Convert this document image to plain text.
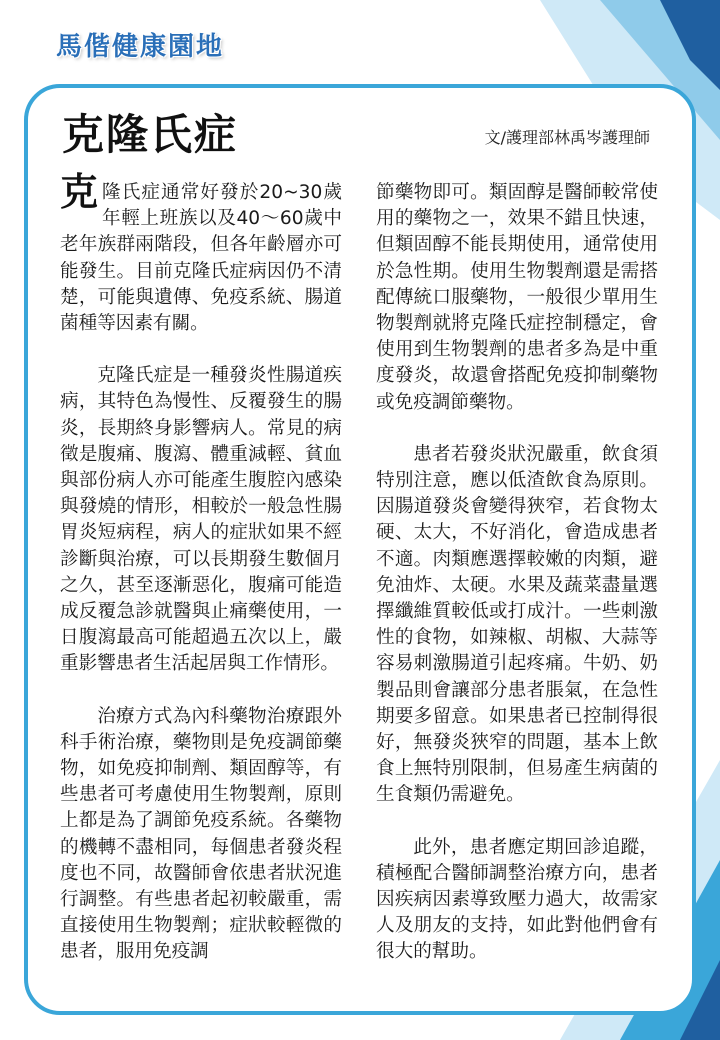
馬偕健康園地
克隆氏症	文/護理部林禹岑護理師

克隆氏症通常好發於20~30歲年輕上班族以及40～60歲中老年族群兩階段，但各年齡層亦可能發生。目前克隆氏症病因仍不清楚，可能與遺傳、免疫系統、腸道菌種等因素有關。

克隆氏症是一種發炎性腸道疾病，其特色為慢性、反覆發生的腸炎，長期終身影響病人。常見的病徵是腹痛、腹瀉、體重減輕、貧血與部份病人亦可能產生腹腔內感染與發燒的情形，相較於一般急性腸胃炎短病程，病人的症狀如果不經診斷與治療，可以長期發生數個月之久，甚至逐漸惡化，腹痛可能造成反覆急診就醫與止痛藥使用，一日腹瀉最高可能超過五次以上，嚴重影響患者生活起居與工作情形。

治療方式為內科藥物治療跟外科手術治療，藥物則是免疫調節藥物，如免疫抑制劑、類固醇等，有些患者可考慮使用生物製劑，原則上都是為了調節免疫系統。各藥物的機轉不盡相同，每個患者發炎程度也不同，故醫師會依患者狀況進行調整。有些患者起初較嚴重，需直接使用生物製劑；症狀較輕微的患者，服用免疫調

節藥物即可。類固醇是醫師較常使用的藥物之一，效果不錯且快速，但類固醇不能長期使用，通常使用於急性期。使用生物製劑還是需搭配傳統口服藥物，一般很少單用生物製劑就將克隆氏症控制穩定，會使用到生物製劑的患者多為是中重度發炎，故還會搭配免疫抑制藥物或免疫調節藥物。

患者若發炎狀況嚴重，飲食須特別注意，應以低渣飲食為原則。因腸道發炎會變得狹窄，若食物太硬、太大，不好消化，會造成患者不適。肉類應選擇較嫩的肉類，避免油炸、太硬。水果及蔬菜盡量選擇纖維質較低或打成汁。一些刺激性的食物，如辣椒、胡椒、大蒜等容易刺激腸道引起疼痛。牛奶、奶製品則會讓部分患者脹氣，在急性期要多留意。如果患者已控制得很好，無發炎狹窄的問題，基本上飲食上無特別限制，但易產生病菌的生食類仍需避免。

此外，患者應定期回診追蹤，積極配合醫師調整治療方向，患者因疾病因素導致壓力過大，故需家人及朋友的支持，如此對他們會有很大的幫助。
